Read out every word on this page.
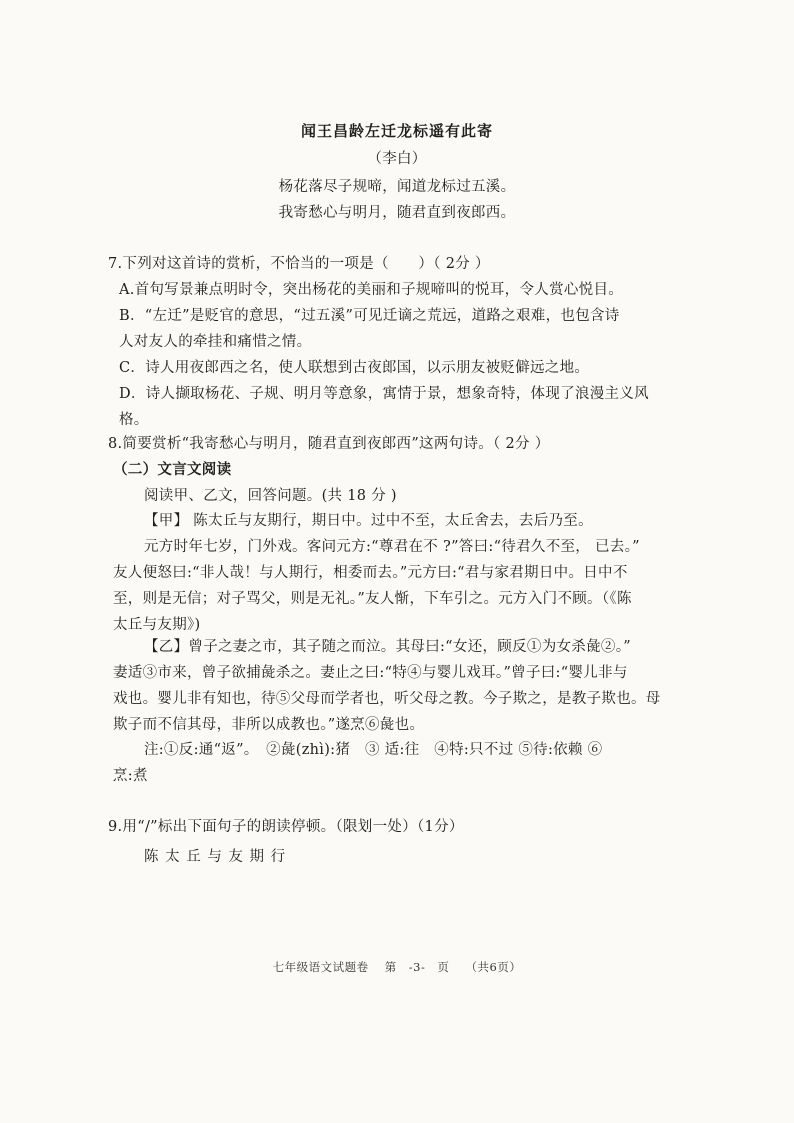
闻王昌龄左迁龙标遥有此寄
（李白）
杨花落尽子规啼，闻道龙标过五溪。
我寄愁心与明月，随君直到夜郎西。
7.下列对这首诗的赏析，不恰当的一项是（　　）（ 2分 ）
A.首句写景兼点明时令，突出杨花的美丽和子规啼叫的悦耳，令人赏心悦目。
B．“左迁”是贬官的意思，“过五溪”可见迁谪之荒远，道路之艰难，也包含诗
人对友人的牵挂和痛惜之情。
C．诗人用夜郎西之名，使人联想到古夜郎国，以示朋友被贬僻远之地。
D．诗人撷取杨花、子规、明月等意象，寓情于景，想象奇特，体现了浪漫主义风
格。
8.简要赏析“我寄愁心与明月，随君直到夜郎西”这两句诗。（ 2分 ）
（二）文言文阅读
阅读甲、乙文，回答问题。(共 18 分 )
【甲】 陈太丘与友期行，期日中。过中不至，太丘舍去，去后乃至。
元方时年七岁，门外戏。客问元方:“尊君在不 ?”答曰:“待君久不至， 已去。”
友人便怒曰:“非人哉！与人期行，相委而去。”元方曰:“君与家君期日中。日中不
至，则是无信；对子骂父，则是无礼。”友人惭，下车引之。元方入门不顾。（《陈
太丘与友期》)
【乙】曾子之妻之市，其子随之而泣。其母曰:“女还，顾反①为女杀彘②。”
妻适③市来，曾子欲捕彘杀之。妻止之曰:“特④与婴儿戏耳。”曾子曰:“婴儿非与
戏也。婴儿非有知也，待⑤父母而学者也，听父母之教。今子欺之，是教子欺也。母
欺子而不信其母，非所以成教也。”遂烹⑥彘也。
注:①反:通“返”。　②彘(zhì):猪　③ 适:往　④特:只不过 ⑤待:依赖 ⑥
烹:煮
9.用“/”标出下面句子的朗读停顿。（限划一处）（1分）
陈 太 丘 与 友 期 行
七年级语文试题卷 第　-3-　页 （共6页）
